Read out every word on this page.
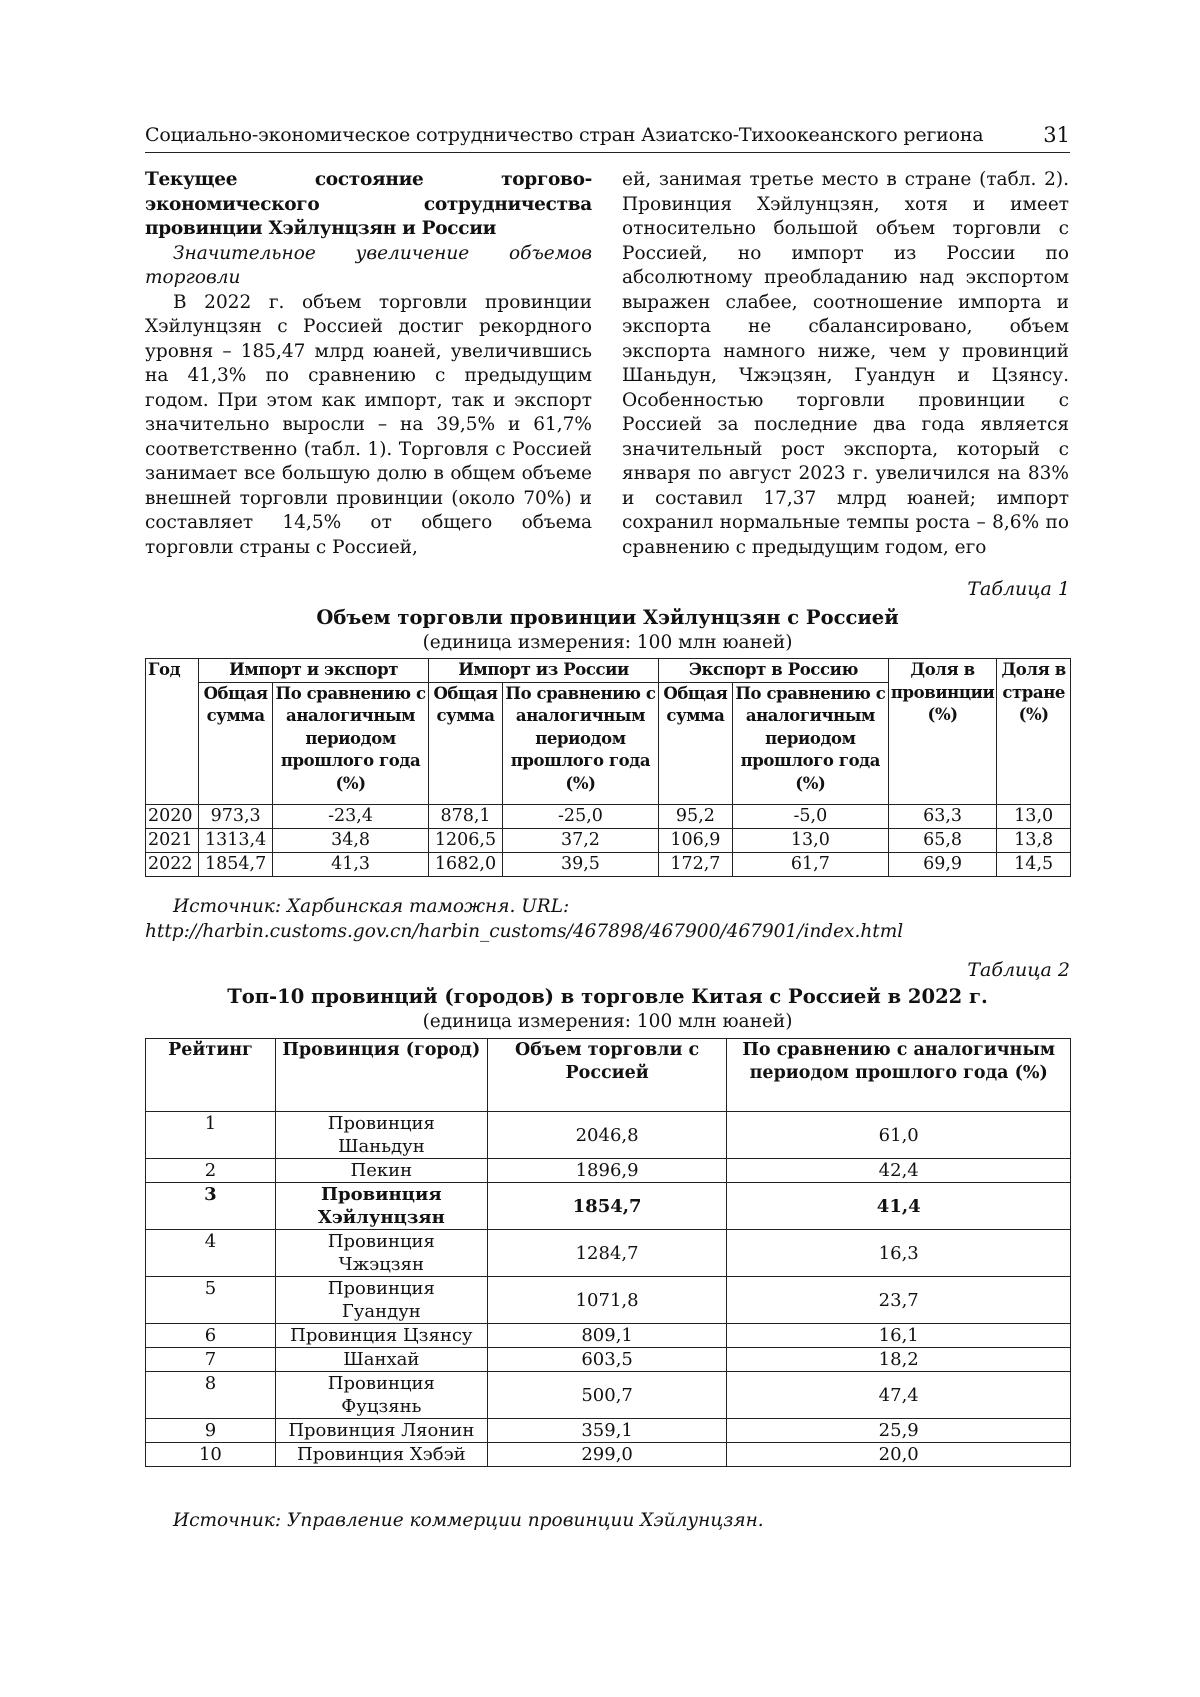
Социально-экономическое сотрудничество стран Азиатско-Тихоокеанского региона	31

Текущее состояние торгово-экономического сотрудничества провинции Хэйлунцзян и России

Значительное увеличение объемов торговли

В 2022 г. объем торговли провинции Хэйлунцзян с Россией достиг рекордного уровня – 185,47 млрд юаней, увеличившись на 41,3% по сравнению с предыдущим годом. При этом как импорт, так и экспорт значительно выросли – на 39,5% и 61,7% соответственно (табл. 1). Торговля с Россией занимает все большую долю в общем объеме внешней торговли провинции (около 70%) и составляет 14,5% от общего объема торговли страны с Россией,

ей, занимая третье место в стране (табл. 2). Провинция Хэйлунцзян, хотя и имеет относительно большой объем торговли с Россией, но импорт из России по абсолютному преобладанию над экспортом выражен слабее, соотношение импорта и экспорта не сбалансировано, объем экспорта намного ниже, чем у провинций Шаньдун, Чжэцзян, Гуандун и Цзянсу. Особенностью торговли провинции с Россией за последние два года является значительный рост экспорта, который с января по август 2023 г. увеличился на 83% и составил 17,37 млрд юаней; импорт сохранил нормальные темпы роста – 8,6% по сравнению с предыдущим годом, его

Таблица 1
Объем торговли провинции Хэйлунцзян с Россией
(единица измерения: 100 млн юаней)
Год	Импорт и экспорт		Импорт из России		Экспорт в Россию		Доля в провинции (%)	Доля в стране (%)
	Общая сумма	По сравнению с аналогичным периодом прошлого года (%)	Общая сумма	По сравнению с аналогичным периодом прошлого года (%)	Общая сумма	По сравнению с аналогичным периодом прошлого года (%)		
2020	973,3	-23,4	878,1	-25,0	95,2	-5,0	63,3	13,0
2021	1313,4	34,8	1206,5	37,2	106,9	13,0	65,8	13,8
2022	1854,7	41,3	1682,0	39,5	172,7	61,7	69,9	14,5
Источник: Харбинская таможня. URL: http://harbin.customs.gov.cn/harbin_customs/467898/467900/467901/index.html
Таблица 2
Топ-10 провинций (городов) в торговле Китая с Россией в 2022 г.
(единица измерения: 100 млн юаней)
Рейтинг	Провинция (город)	Объем торговли с Россией	По сравнению с аналогичным периодом прошлого года (%)
1	Провинция Шаньдун	2046,8	61,0
2	Пекин	1896,9	42,4
3	Провинция Хэйлунцзян	1854,7	41,4
4	Провинция Чжэцзян	1284,7	16,3
5	Провинция Гуандун	1071,8	23,7
6	Провинция Цзянсу	809,1	16,1
7	Шанхай	603,5	18,2
8	Провинция Фуцзянь	500,7	47,4
9	Провинция Ляонин	359,1	25,9
10	Провинция Хэбэй	299,0	20,0
Источник: Управление коммерции провинции Хэйлунцзян.
